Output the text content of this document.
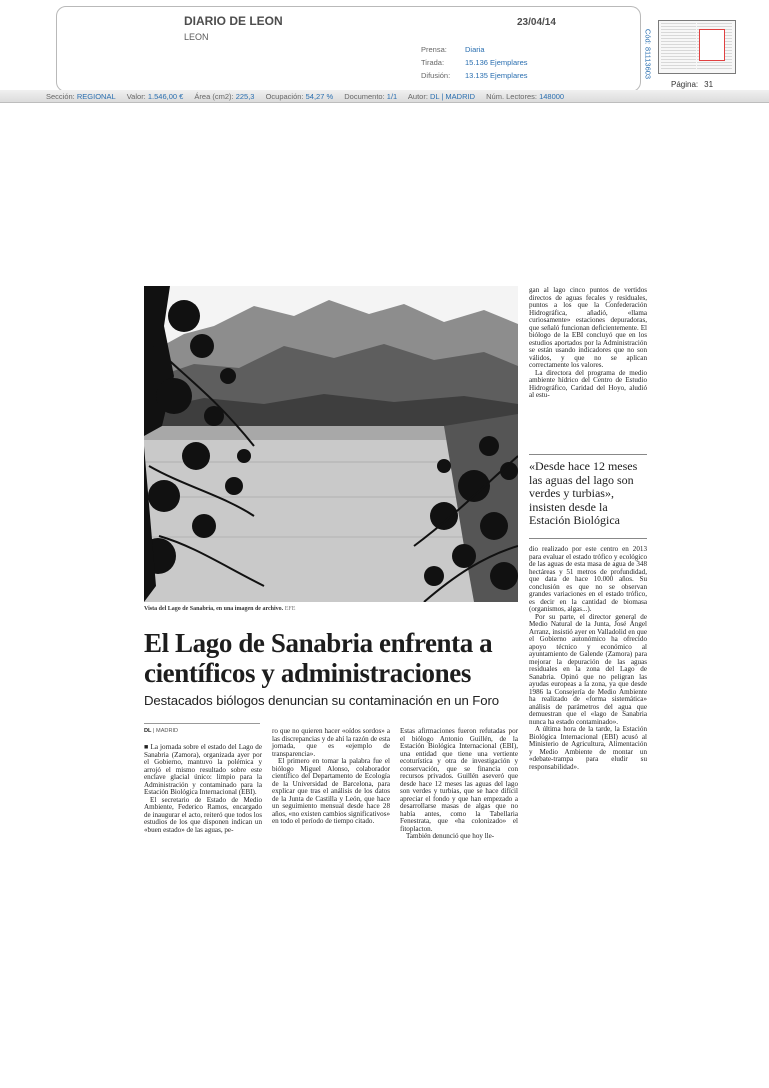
DIARIO DE LEON
LEON
23/04/14
Prensa: Diaria
Tirada:	15.136 Ejemplares
Difusión: 13.135 Ejemplares	Cód: 81113603
Página: 31
Sección: REGIONAL Valor: 1.546,00 € Área (cm2): 225,3 Ocupación: 54,27 % Documento: 1/1 Autor: DL | MADRID Núm. Lectores: 148000
Vista del Lago de Sanabria, en una imagen de archivo. EFE
El Lago de Sanabria enfrenta a científicos y administraciones
Destacados biólogos denuncian su contaminación en un Foro
DL | MADRID

■ La jornada sobre el estado del Lago de Sanabria (Zamora), organizada ayer por el Gobierno, mantuvo la polémica y arrojó el mismo resultado sobre este enclave glacial único: limpio para la Administración y contaminado para la Estación Biológica Internacional (EBI).

El secretario de Estado de Medio Ambiente, Federico Ramos, encargado de inaugurar el acto, reiteró que todos los estudios de los que disponen indican un «buen estado» de las aguas, pe-

ro que no quieren hacer «oídos sordos» a las discrepancias y de ahí la razón de esta jornada, que es «ejemplo de transparencia».

El primero en tomar la palabra fue el biólogo Miguel Alonso, colaborador científico del Departamento de Ecología de la Universidad de Barcelona, para explicar que tras el análisis de los datos de la Junta de Castilla y León, que hace un seguimiento mensual desde hace 28 años, «no existen cambios significativos» en todo el período de tiempo citado.

Estas afirmaciones fueron refutadas por el biólogo Antonio Guillén, de la Estación Biológica Internacional (EBI), una entidad que tiene una vertiente ecoturística y otra de investigación y conservación, que se financia con recursos privados. Guillén aseveró que desde hace 12 meses las aguas del lago son verdes y turbias, que se hace difícil apreciar el fondo y que han empezado a desarrollarse masas de algas que no había antes, como la Tabellaria Fenestrata, que «ha colonizado» el fitoplacton.

También denunció que hoy lle-

gan al lago cinco puntos de vertidos directos de aguas fecales y residuales, puntos a los que la Confederación Hidrográfica, añadió, «llama curiosamente» estaciones depuradoras, que señaló funcionan deficientemente. El biólogo de la EBI concluyó que en los estudios aportados por la Administración se están usando indicadores que no son válidos, y que no se aplican correctamente los valores.

La directora del programa de medio ambiente hídrico del Centro de Estudio Hidrográfico, Caridad del Hoyo, aludió al estu-

«Desde hace 12 meses las aguas del lago son verdes y turbias», insisten desde la Estación Biológica

dio realizado por este centro en 2013 para evaluar el estado trófico y ecológico de las aguas de esta masa de agua de 348 hectáreas y 51 metros de profundidad, que data de hace 10.000 años. Su conclusión es que no se observan grandes variaciones en el estado trófico, es decir en la cantidad de biomasa (organismos, algas...).

Por su parte, el director general de Medio Natural de la Junta, José Ángel Arranz, insistió ayer en Valladolid en que el Gobierno autonómico ha ofrecido apoyo técnico y económico al ayuntamiento de Galende (Zamora) para mejorar la depuración de las aguas residuales en la zona del Lago de Sanabria. Opinó que no peligran las ayudas europeas a la zona, ya que desde 1986 la Consejería de Medio Ambiente ha realizado de «forma sistemática» análisis de parámetros del agua que demuestran que el «lago de Sanabria nunca ha estado contaminado».

A última hora de la tarde, la Estación Biológica Internacional (EBI) acusó al Ministerio de Agricultura, Alimentación y Medio Ambiente de montar un «debate-trampa para eludir su responsabilidad».
